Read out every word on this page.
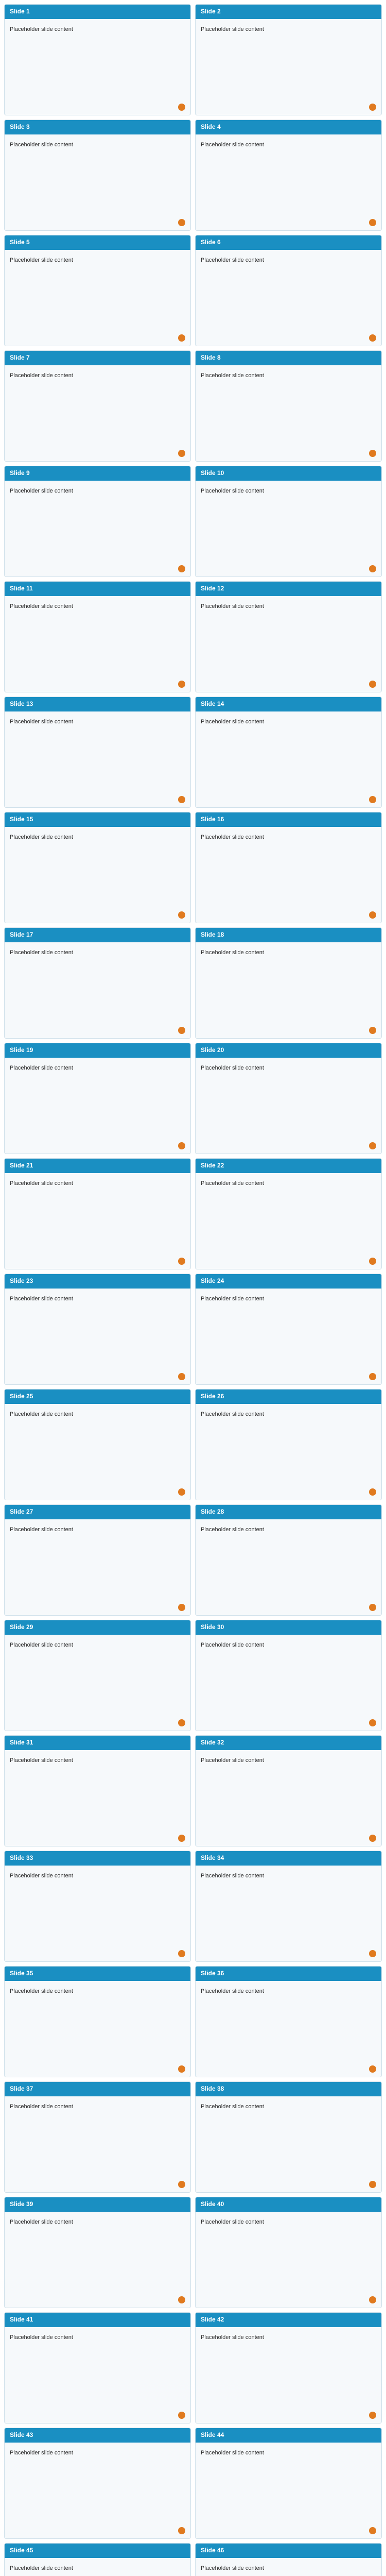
Slide 1
Placeholder slide content
Slide 2
Placeholder slide content
Slide 3
Placeholder slide content
Slide 4
Placeholder slide content
Slide 5
Placeholder slide content
Slide 6
Placeholder slide content
Slide 7
Placeholder slide content
Slide 8
Placeholder slide content
Slide 9
Placeholder slide content
Slide 10
Placeholder slide content
Slide 11
Placeholder slide content
Slide 12
Placeholder slide content
Slide 13
Placeholder slide content
Slide 14
Placeholder slide content
Slide 15
Placeholder slide content
Slide 16
Placeholder slide content
Slide 17
Placeholder slide content
Slide 18
Placeholder slide content
Slide 19
Placeholder slide content
Slide 20
Placeholder slide content
Slide 21
Placeholder slide content
Slide 22
Placeholder slide content
Slide 23
Placeholder slide content
Slide 24
Placeholder slide content
Slide 25
Placeholder slide content
Slide 26
Placeholder slide content
Slide 27
Placeholder slide content
Slide 28
Placeholder slide content
Slide 29
Placeholder slide content
Slide 30
Placeholder slide content
Slide 31
Placeholder slide content
Slide 32
Placeholder slide content
Slide 33
Placeholder slide content
Slide 34
Placeholder slide content
Slide 35
Placeholder slide content
Slide 36
Placeholder slide content
Slide 37
Placeholder slide content
Slide 38
Placeholder slide content
Slide 39
Placeholder slide content
Slide 40
Placeholder slide content
Slide 41
Placeholder slide content
Slide 42
Placeholder slide content
Slide 43
Placeholder slide content
Slide 44
Placeholder slide content
Slide 45
Placeholder slide content
Slide 46
Placeholder slide content
